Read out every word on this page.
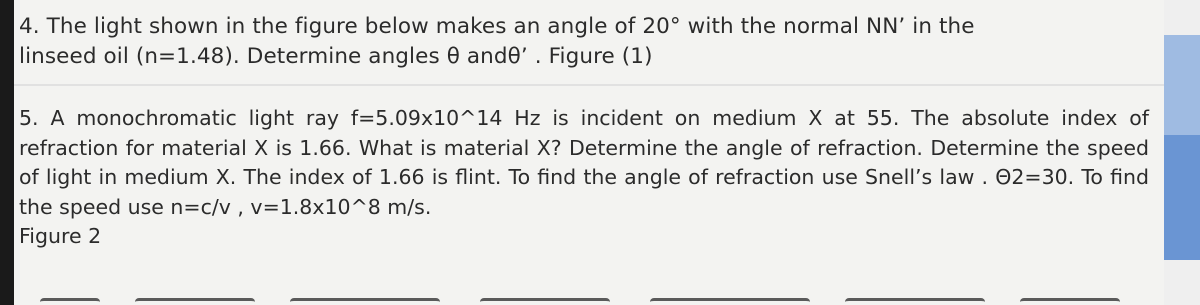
4. The light shown in the figure below makes an angle of 20° with the normal NN’ in the
linseed oil (n=1.48). Determine angles θ andθ’ . Figure (1)
5. A monochromatic light ray f=5.09x10^14 Hz is incident on medium X at 55. The absolute index of refraction for material X is 1.66. What is material X? Determine the angle of refraction. Determine the speed of light in medium X. The index of 1.66 is flint. To find the angle of refraction use Snell’s law . Θ2=30. To find the speed use n=c/v , v=1.8x10^8 m/s.
Figure 2
